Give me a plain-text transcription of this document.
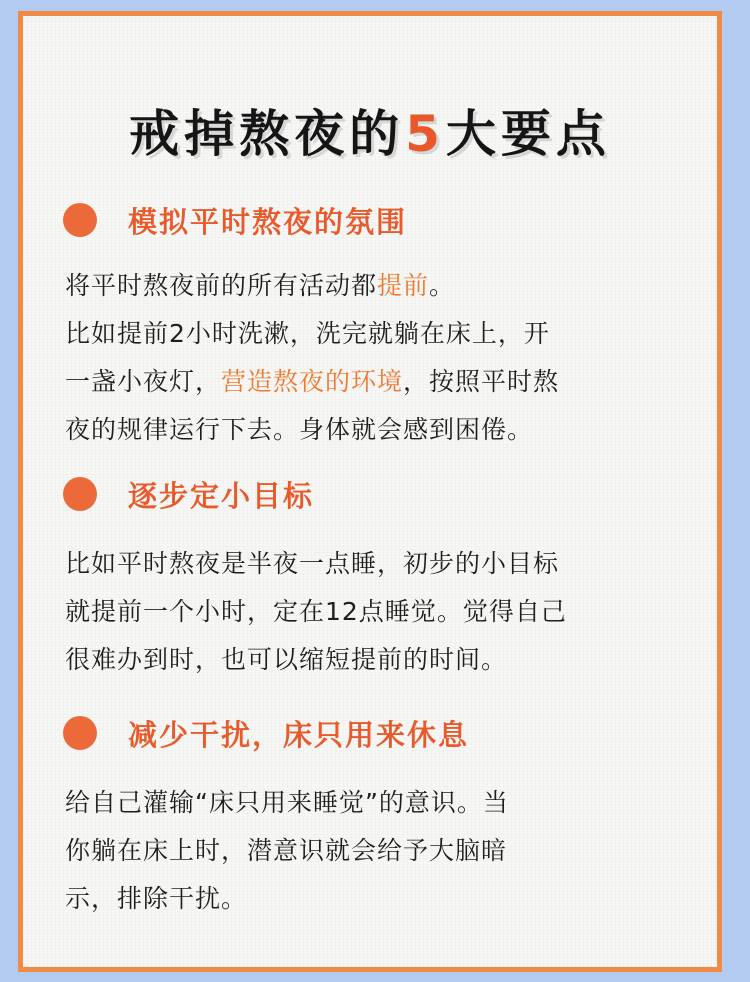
戒掉熬夜的5大要点
模拟平时熬夜的氛围
将平时熬夜前的所有活动都提前。
比如提前2小时洗漱，洗完就躺在床上，开
一盏小夜灯，营造熬夜的环境，按照平时熬
夜的规律运行下去。身体就会感到困倦。
逐步定小目标
比如平时熬夜是半夜一点睡，初步的小目标
就提前一个小时，定在12点睡觉。觉得自己
很难办到时，也可以缩短提前的时间。
减少干扰，床只用来休息
给自己灌输“床只用来睡觉”的意识。当
你躺在床上时，潜意识就会给予大脑暗
示，排除干扰。
